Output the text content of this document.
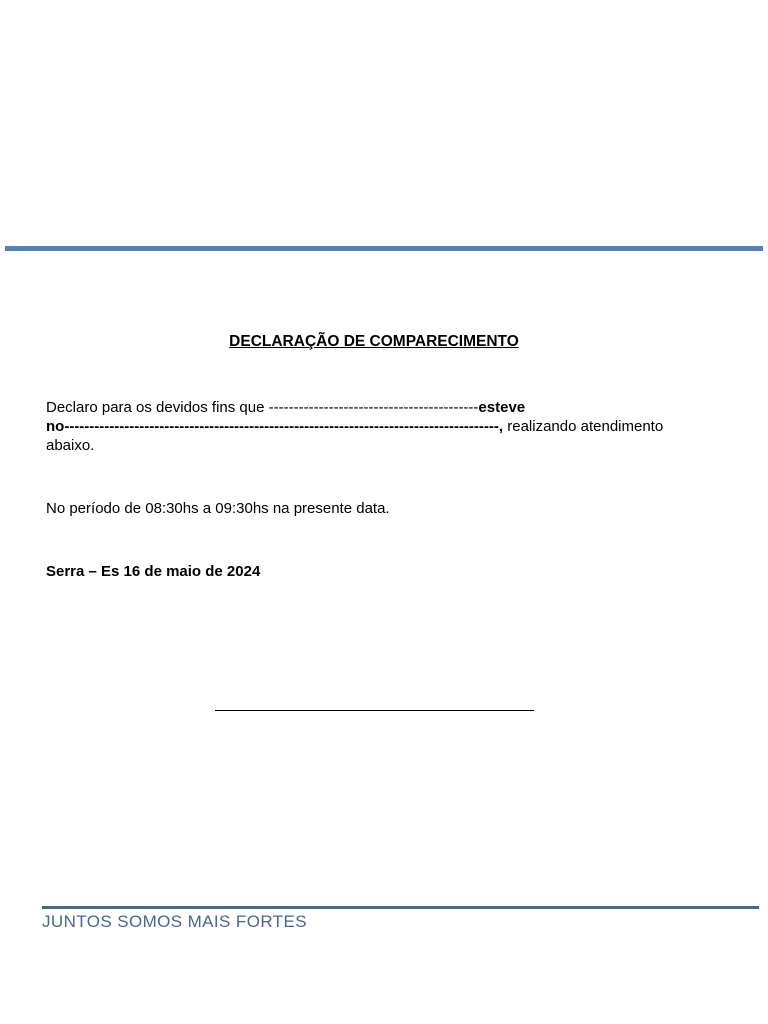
DECLARAÇÃO DE COMPARECIMENTO
Declaro para os devidos fins que ------------------------------------------esteve
no---------------------------------------------------------------------------------------, realizando atendimento
abaixo.

No período de 08:30hs a 09:30hs na presente data.

Serra – Es 16 de maio de 2024

JUNTOS SOMOS MAIS FORTES
